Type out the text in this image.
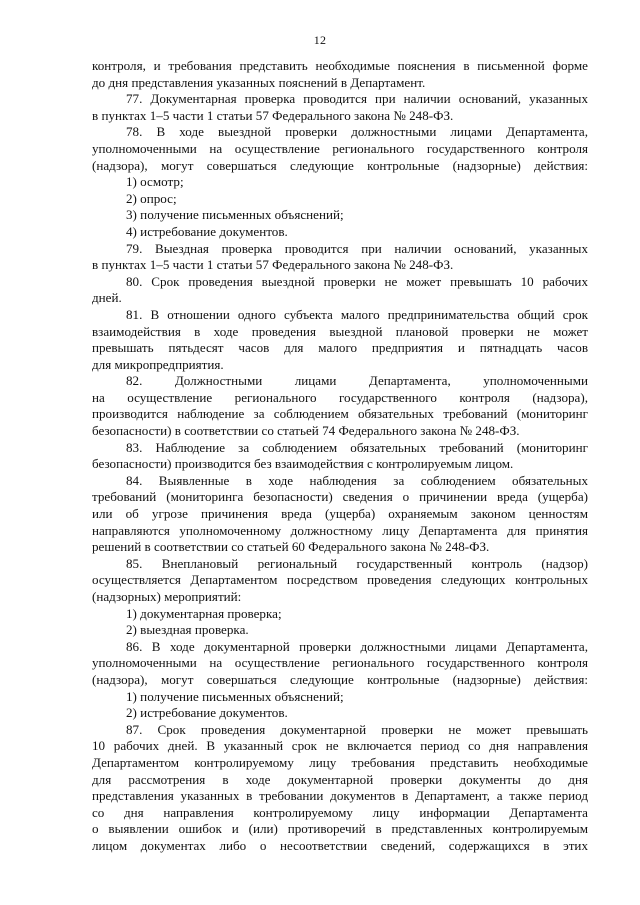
12
контроля, и требования представить необходимые пояснения в письменной форме
до дня представления указанных пояснений в Департамент.
77. Документарная проверка проводится при наличии оснований, указанных
в пунктах 1–5 части 1 статьи 57 Федерального закона № 248-ФЗ.
78. В ходе выездной проверки должностными лицами Департамента,
уполномоченными на осуществление регионального государственного контроля
(надзора), могут совершаться следующие контрольные (надзорные) действия:
1) осмотр;
2) опрос;
3) получение письменных объяснений;
4) истребование документов.
79. Выездная проверка проводится при наличии оснований, указанных
в пунктах 1–5 части 1 статьи 57 Федерального закона № 248-ФЗ.
80. Срок проведения выездной проверки не может превышать 10 рабочих
дней.
81. В отношении одного субъекта малого предпринимательства общий срок
взаимодействия в ходе проведения выездной плановой проверки не может
превышать пятьдесят часов для малого предприятия и пятнадцать часов
для микропредприятия.
82. Должностными лицами Департамента, уполномоченными
на осуществление регионального государственного контроля (надзора),
производится наблюдение за соблюдением обязательных требований (мониторинг
безопасности) в соответствии со статьей 74 Федерального закона № 248-ФЗ.
83. Наблюдение за соблюдением обязательных требований (мониторинг
безопасности) производится без взаимодействия с контролируемым лицом.
84. Выявленные в ходе наблюдения за соблюдением обязательных
требований (мониторинга безопасности) сведения о причинении вреда (ущерба)
или об угрозе причинения вреда (ущерба) охраняемым законом ценностям
направляются уполномоченному должностному лицу Департамента для принятия
решений в соответствии со статьей 60 Федерального закона № 248-ФЗ.
85. Внеплановый региональный государственный контроль (надзор)
осуществляется Департаментом посредством проведения следующих контрольных
(надзорных) мероприятий:
1) документарная проверка;
2) выездная проверка.
86. В ходе документарной проверки должностными лицами Департамента,
уполномоченными на осуществление регионального государственного контроля
(надзора), могут совершаться следующие контрольные (надзорные) действия:
1) получение письменных объяснений;
2) истребование документов.
87. Срок проведения документарной проверки не может превышать
10 рабочих дней. В указанный срок не включается период со дня направления
Департаментом контролируемому лицу требования представить необходимые
для рассмотрения в ходе документарной проверки документы до дня
представления указанных в требовании документов в Департамент, а также период
со дня направления контролируемому лицу информации Департамента
о выявлении ошибок и (или) противоречий в представленных контролируемым
лицом документах либо о несоответствии сведений, содержащихся в этих
